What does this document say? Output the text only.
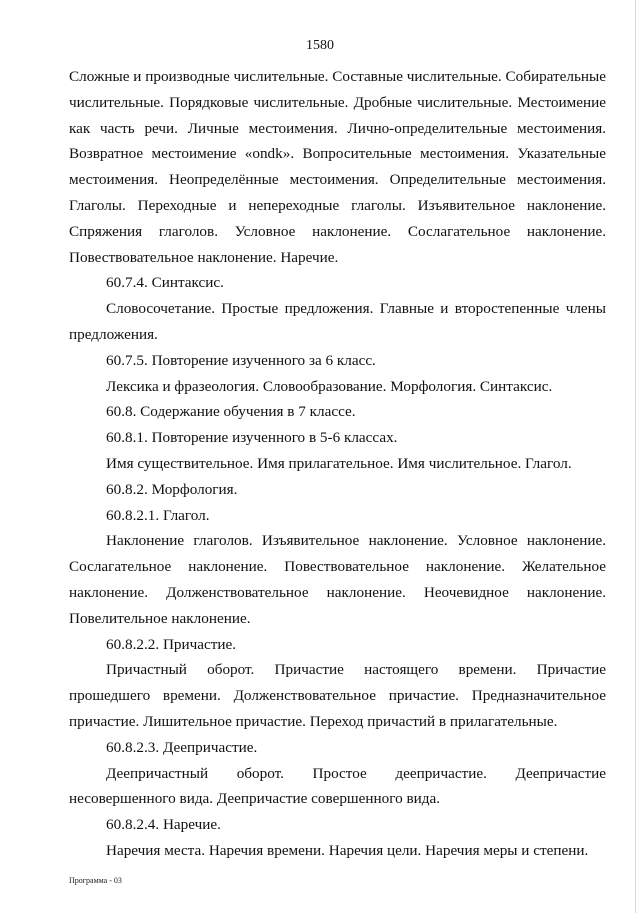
1580

Сложные и производные числительные. Составные числительные. Собирательные числительные. Порядковые числительные. Дробные числительные. Местоимение как часть речи. Личные местоимения. Лично-определительные местоимения. Возвратное местоимение «ondk». Вопросительные местоимения. Указательные местоимения. Неопределённые местоимения. Определительные местоимения. Глаголы. Переходные и непереходные глаголы. Изъявительное наклонение. Спряжения глаголов. Условное наклонение. Сослагательное наклонение. Повествовательное наклонение. Наречие.

60.7.4. Синтаксис.

Словосочетание. Простые предложения. Главные и второстепенные члены предложения.

60.7.5. Повторение изученного за 6 класс.

Лексика и фразеология. Словообразование. Морфология. Синтаксис.

60.8. Содержание обучения в 7 классе.

60.8.1. Повторение изученного в 5-6 классах.

Имя существительное. Имя прилагательное. Имя числительное. Глагол.

60.8.2. Морфология.

60.8.2.1. Глагол.

Наклонение глаголов. Изъявительное наклонение. Условное наклонение. Сослагательное наклонение. Повествовательное наклонение. Желательное наклонение. Долженствовательное наклонение. Неочевидное наклонение. Повелительное наклонение.

60.8.2.2. Причастие.

Причастный оборот. Причастие настоящего времени. Причастие прошедшего времени. Долженствовательное причастие. Предназначительное причастие. Лишительное причастие. Переход причастий в прилагательные.

60.8.2.3. Деепричастие.

Деепричастный оборот. Простое деепричастие. Деепричастие несовершенного вида. Деепричастие совершенного вида.

60.8.2.4. Наречие.

Наречия места. Наречия времени. Наречия цели. Наречия меры и степени.

Программа - 03
